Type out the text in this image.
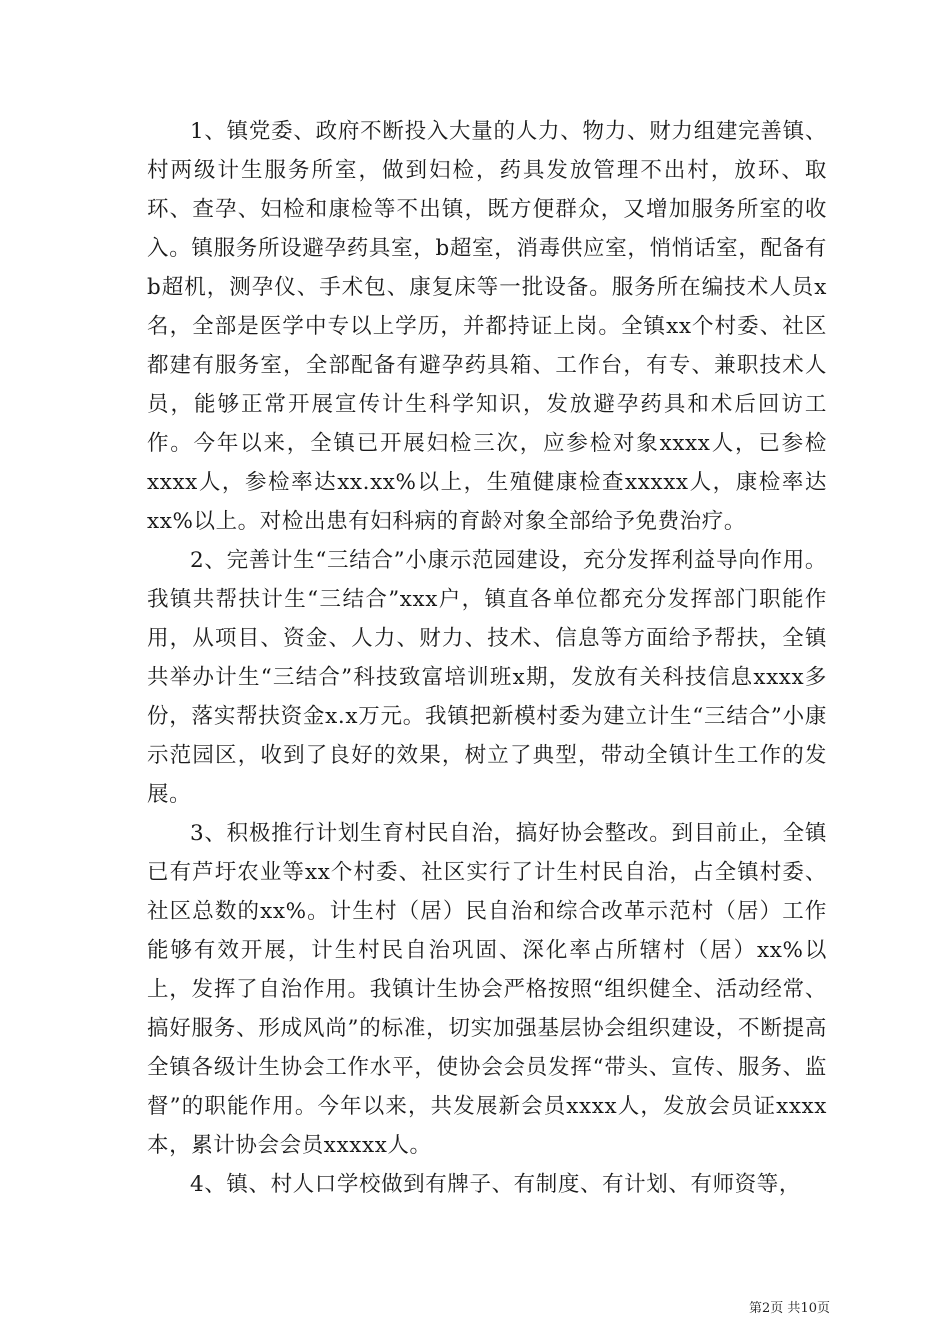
1、镇党委、政府不断投入大量的人力、物力、财力组建完善镇、村两级计生服务所室，做到妇检，药具发放管理不出村，放环、取环、查孕、妇检和康检等不出镇，既方便群众，又增加服务所室的收入。镇服务所设避孕药具室，b超室，消毒供应室，悄悄话室，配备有b超机，测孕仪、手术包、康复床等一批设备。服务所在编技术人员x名，全部是医学中专以上学历，并都持证上岗。全镇xx个村委、社区都建有服务室，全部配备有避孕药具箱、工作台，有专、兼职技术人员，能够正常开展宣传计生科学知识，发放避孕药具和术后回访工作。今年以来，全镇已开展妇检三次，应参检对象xxxx人，已参检xxxx人，参检率达xx.xx%以上，生殖健康检查xxxxx人，康检率达xx%以上。对检出患有妇科病的育龄对象全部给予免费治疗。

2、完善计生“三结合”小康示范园建设，充分发挥利益导向作用。我镇共帮扶计生“三结合”xxx户，镇直各单位都充分发挥部门职能作用，从项目、资金、人力、财力、技术、信息等方面给予帮扶，全镇共举办计生“三结合”科技致富培训班x期，发放有关科技信息xxxx多份，落实帮扶资金x.x万元。我镇把新模村委为建立计生“三结合”小康示范园区，收到了良好的效果，树立了典型，带动全镇计生工作的发展。

3、积极推行计划生育村民自治，搞好协会整改。到目前止，全镇已有芦圩农业等xx个村委、社区实行了计生村民自治，占全镇村委、社区总数的xx%。计生村（居）民自治和综合改革示范村（居）工作能够有效开展，计生村民自治巩固、深化率占所辖村（居）xx%以上，发挥了自治作用。我镇计生协会严格按照“组织健全、活动经常、搞好服务、形成风尚”的标准，切实加强基层协会组织建设，不断提高全镇各级计生协会工作水平，使协会会员发挥“带头、宣传、服务、监督”的职能作用。今年以来，共发展新会员xxxx人，发放会员证xxxx本，累计协会会员xxxxx人。

4、镇、村人口学校做到有牌子、有制度、有计划、有师资等，

第2页 共10页
